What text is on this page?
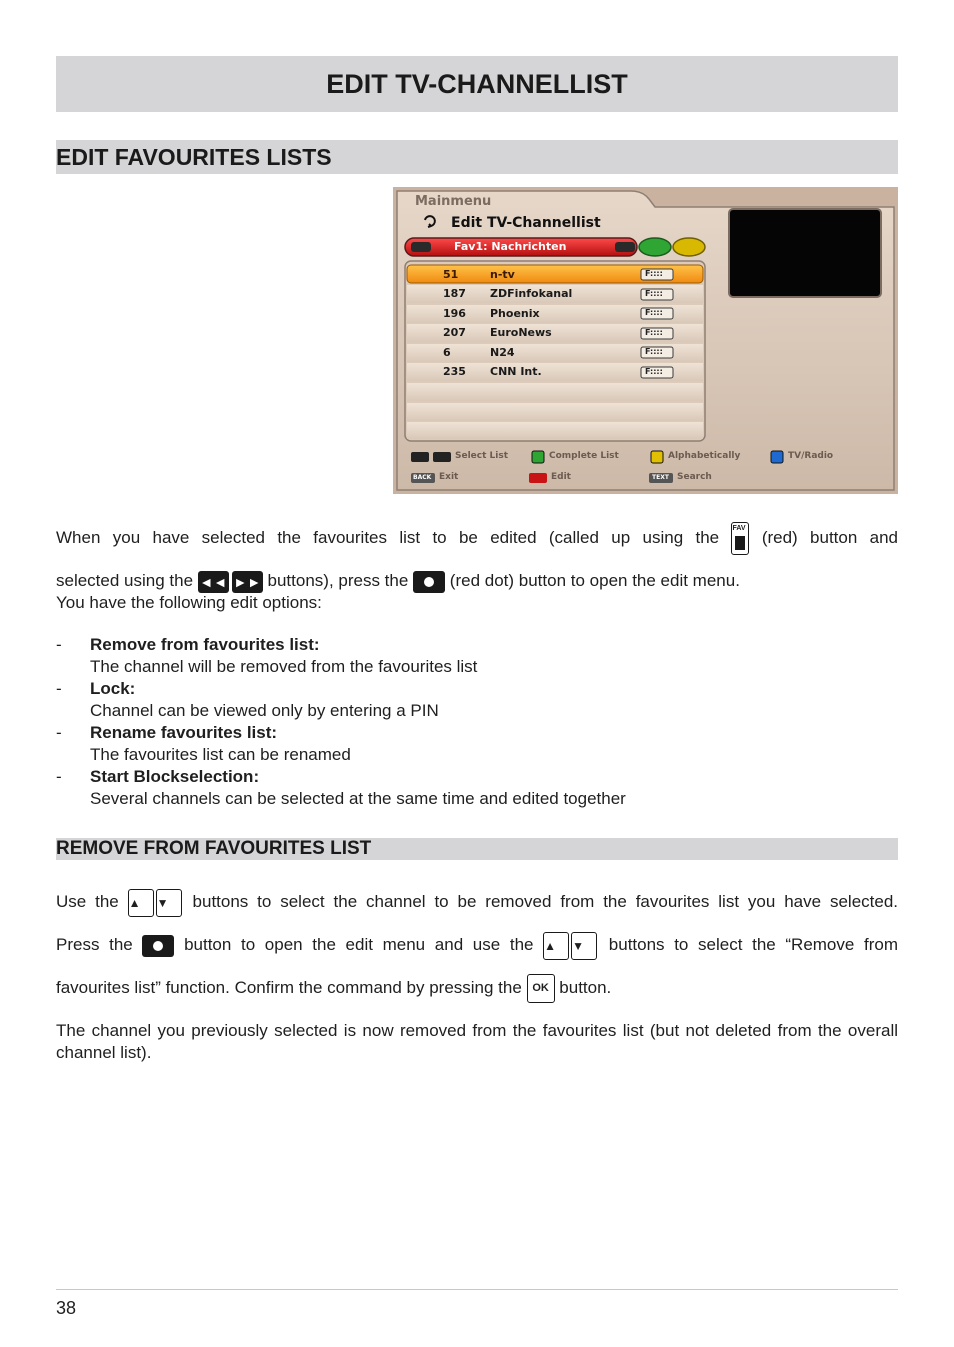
EDIT TV-CHANNELLIST
EDIT FAVOURITES LISTS
Mainmenu
Edit TV-Channellist
Fav1: Nachrichten
51	n-tv	F::::
187 ZDFinfokanal	F::::
196 Phoenix	F::::
207 EuroNews	F::::
6	N24	F::::
235 CNN Int.	F::::
Select List	Complete List	Alphabetically	TV/Radio
BACK Exit	Edit	TEXT Search
When you have selected the favourites list to be edited (called up using the FAV (red) button and
selected using the ◄◄ ►► buttons), press the (red dot) button to open the edit menu.
You have the following edit options:
-	Remove from favourites list:
The channel will be removed from the favourites list
-	Lock:
Channel can be viewed only by entering a PIN
-	Rename favourites list:
The favourites list can be renamed
-	Start Blockselection:
Several channels can be selected at the same time and edited together
REMOVE FROM FAVOURITES LIST
Use the ▲ ▼ buttons to select the channel to be removed from the favourites list you have selected.
Press the	button to open the edit menu and use the ▲ ▼ buttons to select the “Remove from
favourites list” function. Confirm the command by pressing the OK button.
The channel you previously selected is now removed from the favourites list (but not deleted from the overall channel list).
38
